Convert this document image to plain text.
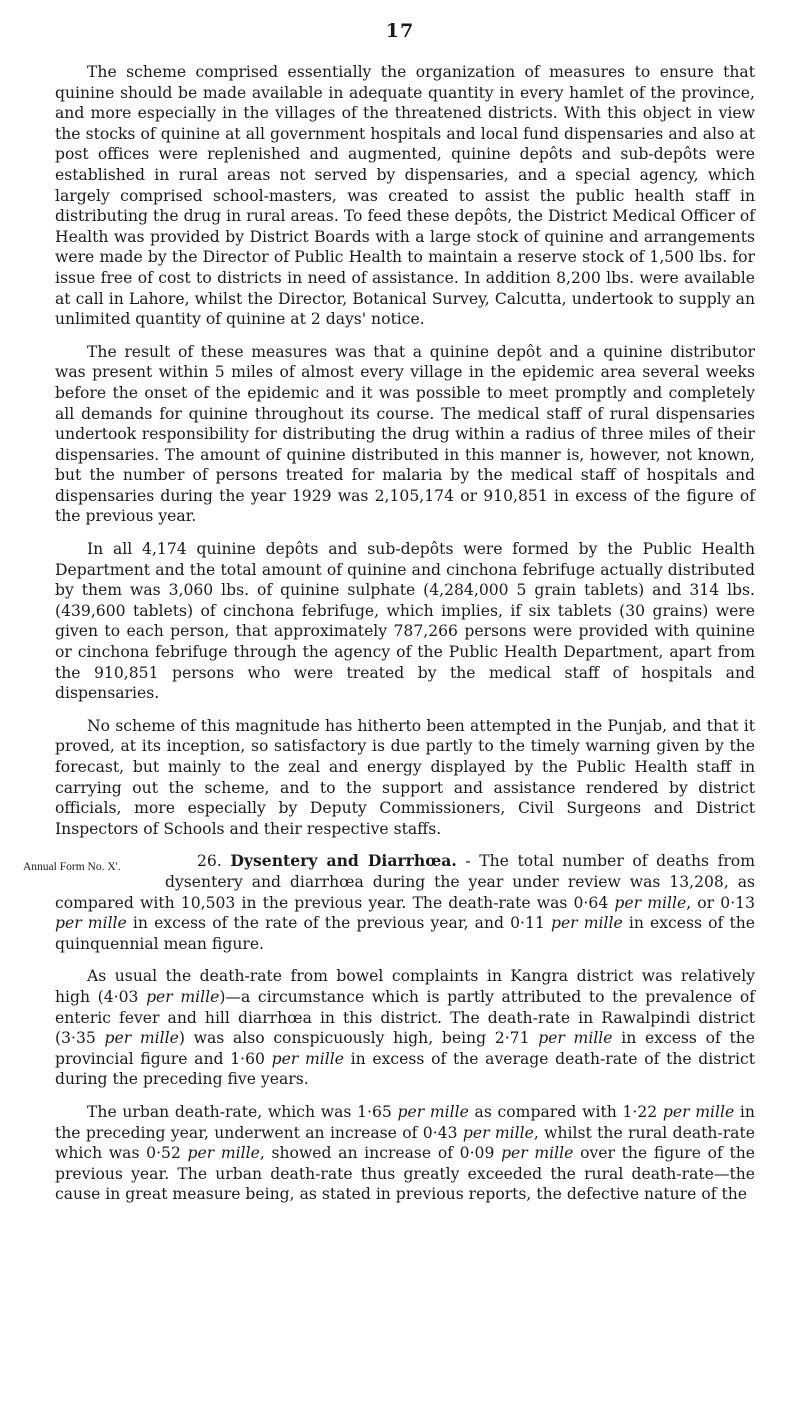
17

The scheme comprised essentially the organization of measures to ensure that quinine should be made available in adequate quantity in every hamlet of the province, and more especially in the villages of the threatened districts. With this object in view the stocks of quinine at all government hospitals and local fund dispensaries and also at post offices were replenished and augmented, quinine depôts and sub-depôts were established in rural areas not served by dispensaries, and a special agency, which largely comprised school-masters, was created to assist the public health staff in distributing the drug in rural areas. To feed these depôts, the District Medical Officer of Health was provided by District Boards with a large stock of quinine and arrangements were made by the Director of Public Health to maintain a reserve stock of 1,500 lbs. for issue free of cost to districts in need of assistance. In addition 8,200 lbs. were available at call in Lahore, whilst the Director, Botanical Survey, Calcutta, undertook to supply an unlimited quantity of quinine at 2 days' notice.

The result of these measures was that a quinine depôt and a quinine distributor was present within 5 miles of almost every village in the epidemic area several weeks before the onset of the epidemic and it was possible to meet promptly and completely all demands for quinine throughout its course. The medical staff of rural dispensaries undertook responsibility for distributing the drug within a radius of three miles of their dispensaries. The amount of quinine distributed in this manner is, however, not known, but the number of persons treated for malaria by the medical staff of hospitals and dispensaries during the year 1929 was 2,105,174 or 910,851 in excess of the figure of the previous year.

In all 4,174 quinine depôts and sub-depôts were formed by the Public Health Department and the total amount of quinine and cinchona febrifuge actually distributed by them was 3,060 lbs. of quinine sulphate (4,284,000 5 grain tablets) and 314 lbs. (439,600 tablets) of cinchona febrifuge, which implies, if six tablets (30 grains) were given to each person, that approximately 787,266 persons were provided with quinine or cinchona febrifuge through the agency of the Public Health Department, apart from the 910,851 persons who were treated by the medical staff of hospitals and dispensaries.

No scheme of this magnitude has hitherto been attempted in the Punjab, and that it proved, at its inception, so satisfactory is due partly to the timely warning given by the forecast, but mainly to the zeal and energy displayed by the Public Health staff in carrying out the scheme, and to the support and assistance rendered by district officials, more especially by Deputy Commissioners, Civil Surgeons and District Inspectors of Schools and their respective staffs.

26. Dysentery and Diarrhœa.
Annual Form No. X'.	- The total number of deaths from dysentery and diarrhœa during the year under review was 13,208, as compared with 10,503 in the previous year. The death-rate was 0·64 per mille, or 0·13 per mille in excess of the rate of the previous year, and 0·11 per mille in excess of the quinquennial mean figure.

As usual the death-rate from bowel complaints in Kangra district was relatively high (4·03 per mille)—a circumstance which is partly attributed to the prevalence of enteric fever and hill diarrhœa in this district. The death-rate in Rawalpindi district (3·35 per mille) was also conspicuously high, being 2·71 per mille in excess of the provincial figure and 1·60 per mille in excess of the average death-rate of the district during the preceding five years.

The urban death-rate, which was 1·65 per mille as compared with 1·22 per mille in the preceding year, underwent an increase of 0·43 per mille, whilst the rural death-rate which was 0·52 per mille, showed an increase of 0·09 per mille over the figure of the previous year. The urban death-rate thus greatly exceeded the rural death-rate—the cause in great measure being, as stated in previous reports, the defective nature of the
